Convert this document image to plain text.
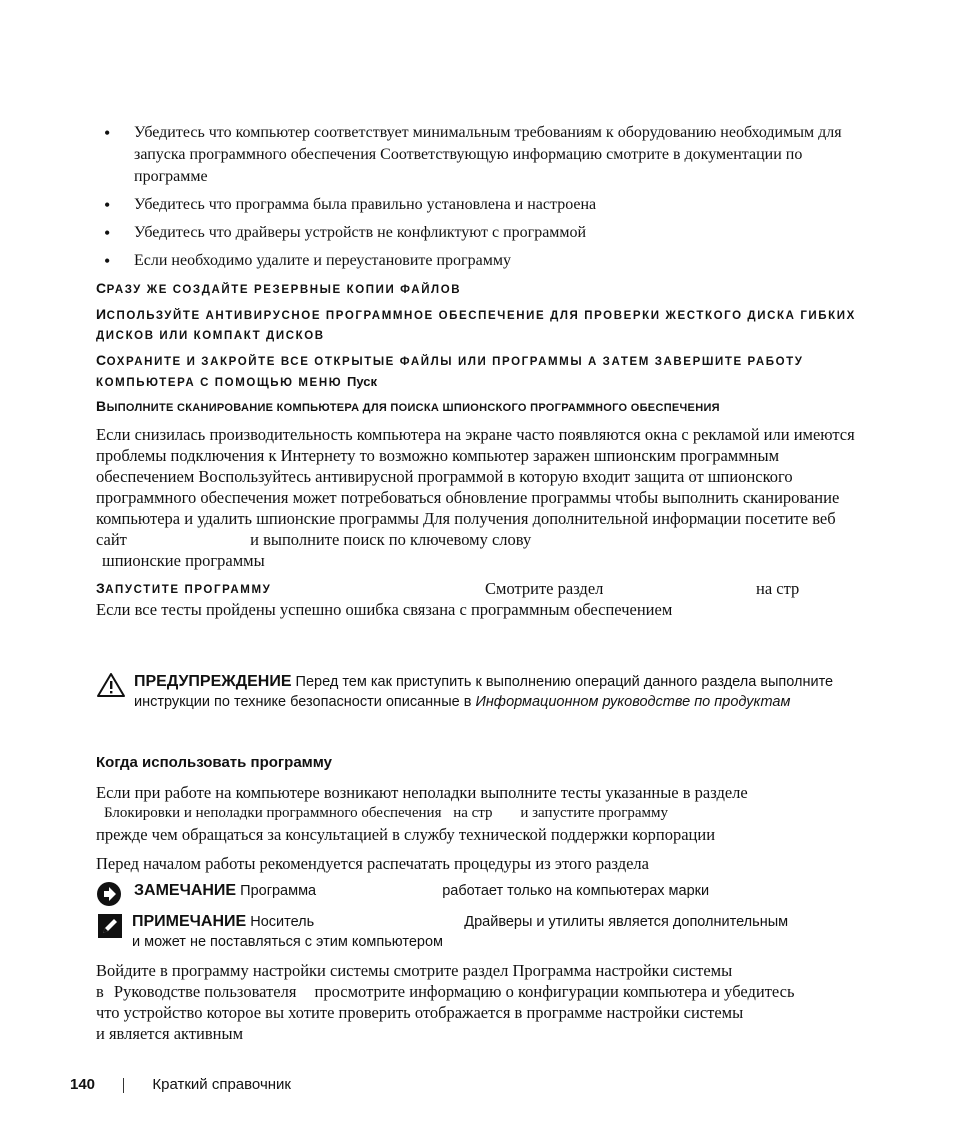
• Убедитесь что компьютер соответствует минимальным требованиям к оборудованию необходимым для запуска программного обеспечения Соответствующую информацию смотрите в документации по программе
• Убедитесь что программа была правильно установлена и настроена
• Убедитесь что драйверы устройств не конфликтуют с программой
• Если необходимо удалите и переустановите программу
СРАЗУ ЖЕ СОЗДАЙТЕ РЕЗЕРВНЫЕ КОПИИ ФАЙЛОВ
ИСПОЛЬЗУЙТЕ АНТИВИРУСНОЕ ПРОГРАММНОЕ ОБЕСПЕЧЕНИЕ ДЛЯ ПРОВЕРКИ ЖЕСТКОГО ДИСКА ГИБКИХ ДИСКОВ ИЛИ КОМПАКТ ДИСКОВ
СОХРАНИТЕ И ЗАКРОЙТЕ ВСЕ ОТКРЫТЫЕ ФАЙЛЫ ИЛИ ПРОГРАММЫ А ЗАТЕМ ЗАВЕРШИТЕ РАБОТУ КОМПЬЮТЕРА С ПОМОЩЬЮ МЕНЮ Пуск
ВЫПОЛНИТЕ СКАНИРОВАНИЕ КОМПЬЮТЕРА ДЛЯ ПОИСКА ШПИОНСКОГО ПРОГРАММНОГО ОБЕСПЕЧЕНИЯ
Если снизилась производительность компьютера на экране часто появляются окна с рекламой или имеются проблемы подключения к Интернету то возможно компьютер заражен шпионским программным обеспечением Воспользуйтесь антивирусной программой в которую входит защита от шпионского программного обеспечения может потребоваться обновление программы чтобы выполнить сканирование компьютера и удалить шпионские программы Для получения дополнительной информации посетите веб сайт	и выполните поиск по ключевому слову
шпионские программы
ЗАПУСТИТЕ ПРОГРАММУ	Смотрите раздел	на стр
Если все тесты пройдены успешно ошибка связана с программным обеспечением
ПРЕДУПРЕЖДЕНИЕ Перед тем как приступить к выполнению операций данного раздела выполните инструкции по технике безопасности описанные в Информационном руководстве по продуктам
Когда использовать программу
Если при работе на компьютере возникают неполадки выполните тесты указанные в разделе
Блокировки и неполадки программного обеспечения на стр и запустите программу
прежде чем обращаться за консультацией в службу технической поддержки корпорации
Перед началом работы рекомендуется распечатать процедуры из этого раздела
ЗАМЕЧАНИЕ Программа	работает только на компьютерах марки
ПРИМЕЧАНИЕ Носитель	Драйверы и утилиты является дополнительным
и может не поставляться с этим компьютером
Войдите в программу настройки системы смотрите раздел Программа настройки системы
в Руководстве пользователя просмотрите информацию о конфигурации компьютера и убедитесь
что устройство которое вы хотите проверить отображается в программе настройки системы
и является активным
140	Краткий справочник
